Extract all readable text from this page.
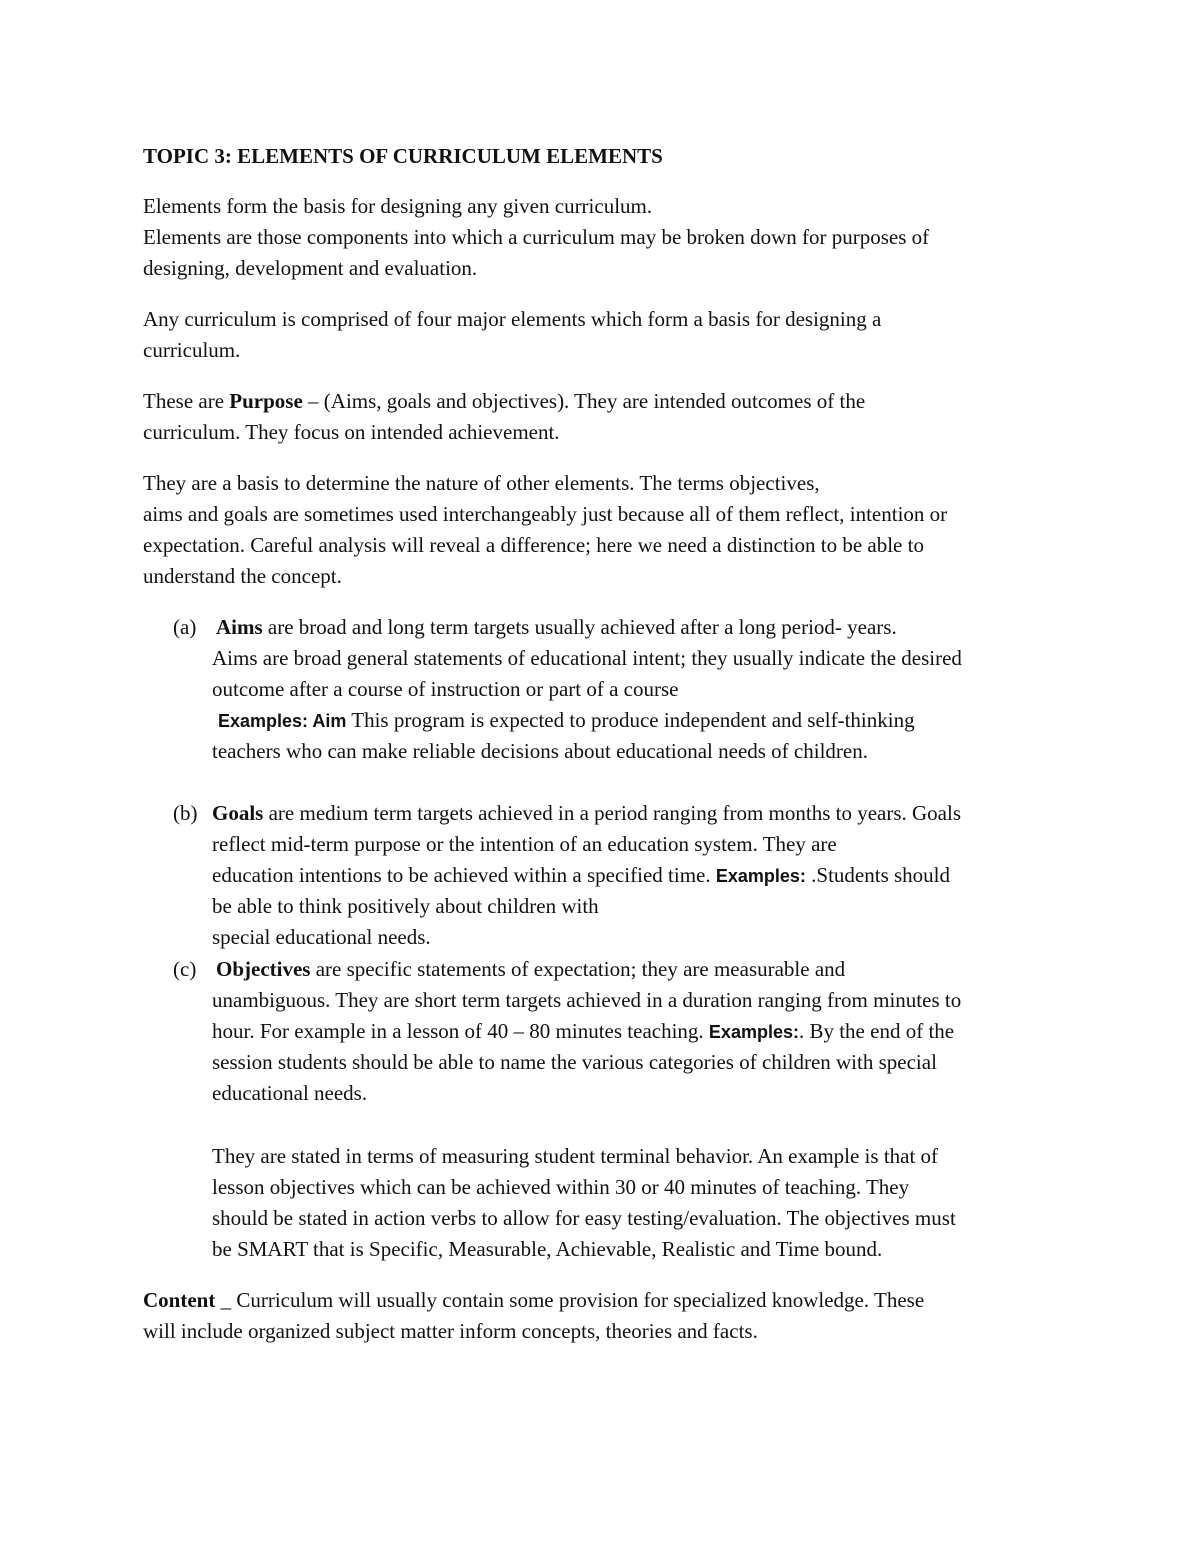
TOPIC 3: ELEMENTS OF CURRICULUM ELEMENTS
Elements form the basis for designing any given curriculum.
Elements are those components into which a curriculum may be broken down for purposes of
designing, development and evaluation.
Any curriculum is comprised of four major elements which form a basis for designing a
curriculum.
These are Purpose – (Aims, goals and objectives). They are intended outcomes of the
curriculum. They focus on intended achievement.
They are a basis to determine the nature of other elements. The terms objectives,
aims and goals are sometimes used interchangeably just because all of them reflect, intention or
expectation. Careful analysis will reveal a difference; here we need a distinction to be able to
understand the concept.
(a) Aims are broad and long term targets usually achieved after a long period- years.
Aims are broad general statements of educational intent; they usually indicate the desired
outcome after a course of instruction or part of a course
Examples: Aim This program is expected to produce independent and self-thinking
teachers who can make reliable decisions about educational needs of children.
(b) Goals are medium term targets achieved in a period ranging from months to years. Goals
reflect mid-term purpose or the intention of an education system. They are
education intentions to be achieved within a specified time. Examples: .Students should
be able to think positively about children with
special educational needs.
(c) Objectives are specific statements of expectation; they are measurable and
unambiguous. They are short term targets achieved in a duration ranging from minutes to
hour. For example in a lesson of 40 – 80 minutes teaching. Examples:. By the end of the
session students should be able to name the various categories of children with special
educational needs.
They are stated in terms of measuring student terminal behavior. An example is that of
lesson objectives which can be achieved within 30 or 40 minutes of teaching. They
should be stated in action verbs to allow for easy testing/evaluation. The objectives must
be SMART that is Specific, Measurable, Achievable, Realistic and Time bound.
Content _ Curriculum will usually contain some provision for specialized knowledge. These
will include organized subject matter inform concepts, theories and facts.
